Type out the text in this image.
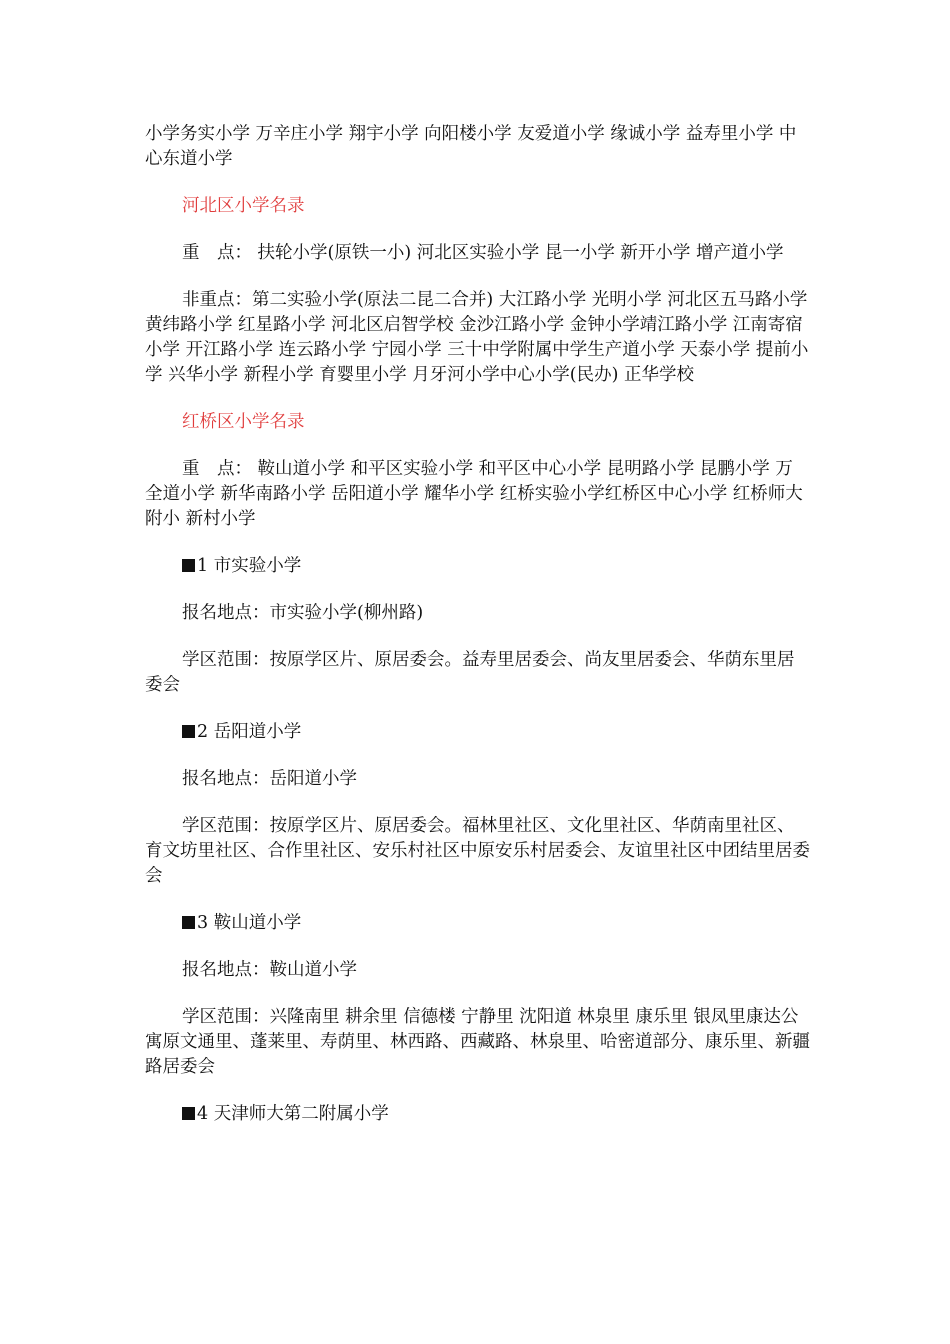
小学务实小学 万辛庄小学 翔宇小学 向阳楼小学 友爱道小学 缘诚小学 益寿里小学 中心东道小学

河北区小学名录

重　点： 扶轮小学(原铁一小) 河北区实验小学 昆一小学 新开小学 增产道小学

非重点：第二实验小学(原法二昆二合并) 大江路小学 光明小学 河北区五马路小学 黄纬路小学 红星路小学 河北区启智学校 金沙江路小学 金钟小学靖江路小学 江南寄宿小学 开江路小学 连云路小学 宁园小学 三十中学附属中学生产道小学 天泰小学 提前小学 兴华小学 新程小学 育婴里小学 月牙河小学中心小学(民办) 正华学校

红桥区小学名录

重　点： 鞍山道小学 和平区实验小学 和平区中心小学 昆明路小学 昆鹏小学 万全道小学 新华南路小学 岳阳道小学 耀华小学 红桥实验小学红桥区中心小学 红桥师大附小 新村小学

1 市实验小学

报名地点：市实验小学(柳州路)

学区范围：按原学区片、原居委会。益寿里居委会、尚友里居委会、华荫东里居委会

2 岳阳道小学

报名地点：岳阳道小学

学区范围：按原学区片、原居委会。福林里社区、文化里社区、华荫南里社区、育文坊里社区、合作里社区、安乐村社区中原安乐村居委会、友谊里社区中团结里居委会

3 鞍山道小学

报名地点：鞍山道小学

学区范围：兴隆南里 耕余里 信德楼 宁静里 沈阳道 林泉里 康乐里 银凤里康达公寓原文通里、蓬莱里、寿荫里、林西路、西藏路、林泉里、哈密道部分、康乐里、新疆路居委会

4 天津师大第二附属小学
